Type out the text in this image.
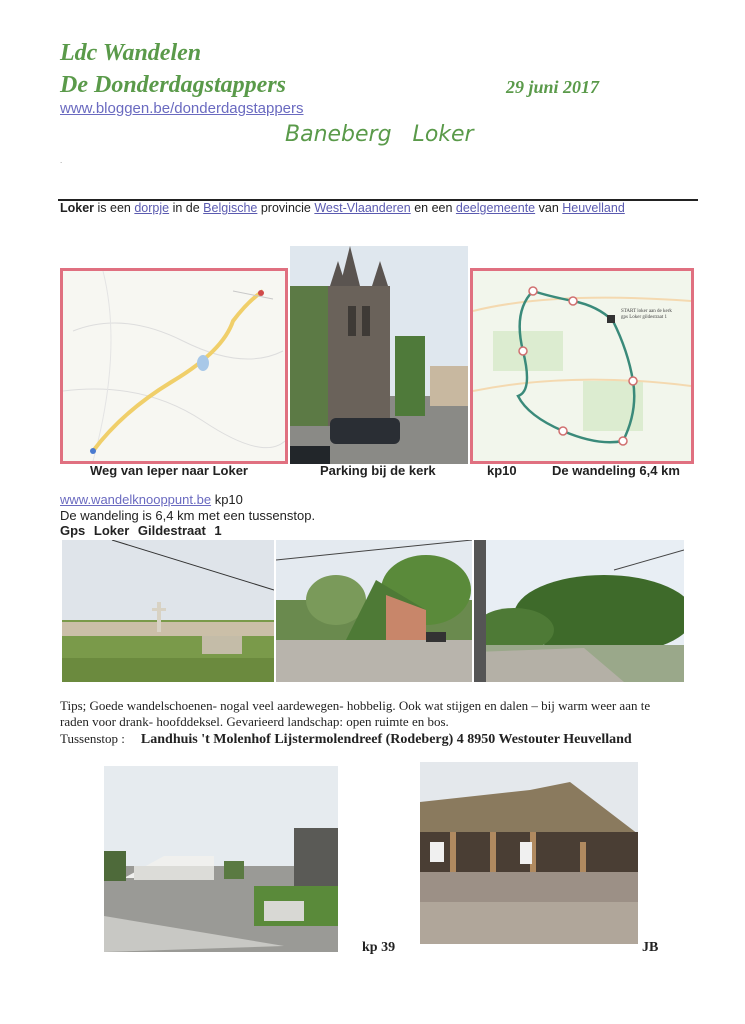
Ldc Wandelen
De Donderdagstappers	29 juni 2017
www.bloggen.be/donderdagstappers
Baneberg Loker
.
Loker is een dorpje in de Belgische provincie West-Vlaanderen en een deelgemeente van Heuvelland
START loker aan de kerk
gps Loker gildestraat 1
Weg van Ieper naar Loker	Parking bij de kerk	kp10	De wandeling 6,4 km
www.wandelknooppunt.be kp10
De wandeling is 6,4 km met een tussenstop.
Gps Loker Gildestraat 1
Tips; Goede wandelschoenen- nogal veel aardewegen- hobbelig. Ook wat stijgen en dalen – bij warm weer aan te raden voor drank- hoofddeksel. Gevarieerd landschap: open ruimte en bos.
Tussenstop : Landhuis 't Molenhof Lijstermolendreef (Rodeberg) 4 8950 Westouter Heuvelland
kp 39	JB
